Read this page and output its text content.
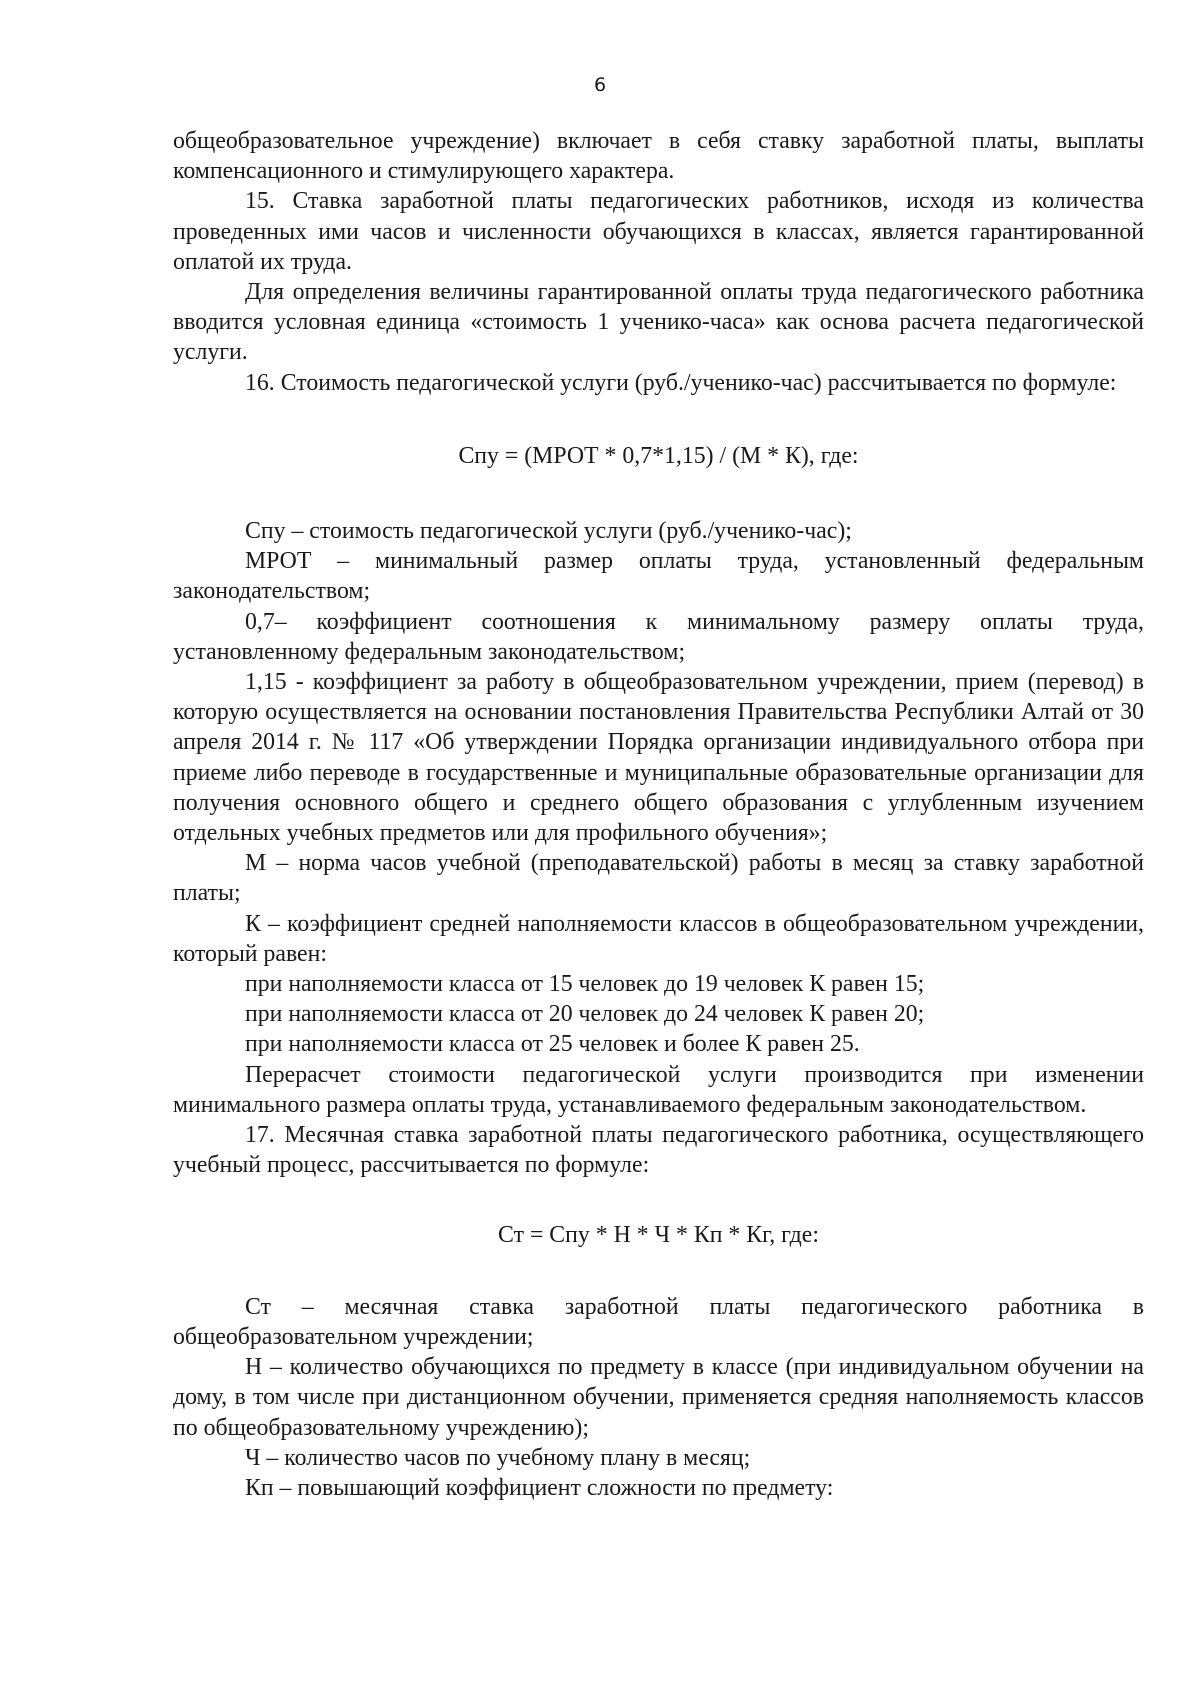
6

общеобразовательное учреждение) включает в себя ставку заработной платы, выплаты компенсационного и стимулирующего характера.

15. Ставка заработной платы педагогических работников, исходя из количества проведенных ими часов и численности обучающихся в классах, является гарантированной оплатой их труда.

Для определения величины гарантированной оплаты труда педагогического работника вводится условная единица «стоимость 1 ученико-часа» как основа расчета педагогической услуги.

16. Стоимость педагогической услуги (руб./ученико-час) рассчитывается по формуле:

Спу = (МРОТ * 0,7*1,15) / (М * К), где:

Спу – стоимость педагогической услуги (руб./ученико-час);

МРОТ – минимальный размер оплаты труда, установленный федеральным законодательством;

0,7– коэффициент соотношения к минимальному размеру оплаты труда, установленному федеральным законодательством;

1,15 - коэффициент за работу в общеобразовательном учреждении, прием (перевод) в которую осуществляется на основании постановления Правительства Республики Алтай от 30 апреля 2014 г. № 117 «Об утверждении Порядка организации индивидуального отбора при приеме либо переводе в государственные и муниципальные образовательные организации для получения основного общего и среднего общего образования с углубленным изучением отдельных учебных предметов или для профильного обучения»;

М – норма часов учебной (преподавательской) работы в месяц за ставку заработной платы;

К – коэффициент средней наполняемости классов в общеобразовательном учреждении, который равен:

при наполняемости класса от 15 человек до 19 человек К равен 15;

при наполняемости класса от 20 человек до 24 человек К равен 20;

при наполняемости класса от 25 человек и более К равен 25.

Перерасчет стоимости педагогической услуги производится при изменении минимального размера оплаты труда, устанавливаемого федеральным законодательством.

17. Месячная ставка заработной платы педагогического работника, осуществляющего учебный процесс, рассчитывается по формуле:

Ст = Спу * Н * Ч * Кп * Кг, где:

Ст – месячная ставка заработной платы педагогического работника в общеобразовательном учреждении;

Н – количество обучающихся по предмету в классе (при индивидуальном обучении на дому, в том числе при дистанционном обучении, применяется средняя наполняемость классов по общеобразовательному учреждению);

Ч – количество часов по учебному плану в месяц;

Кп – повышающий коэффициент сложности по предмету:
